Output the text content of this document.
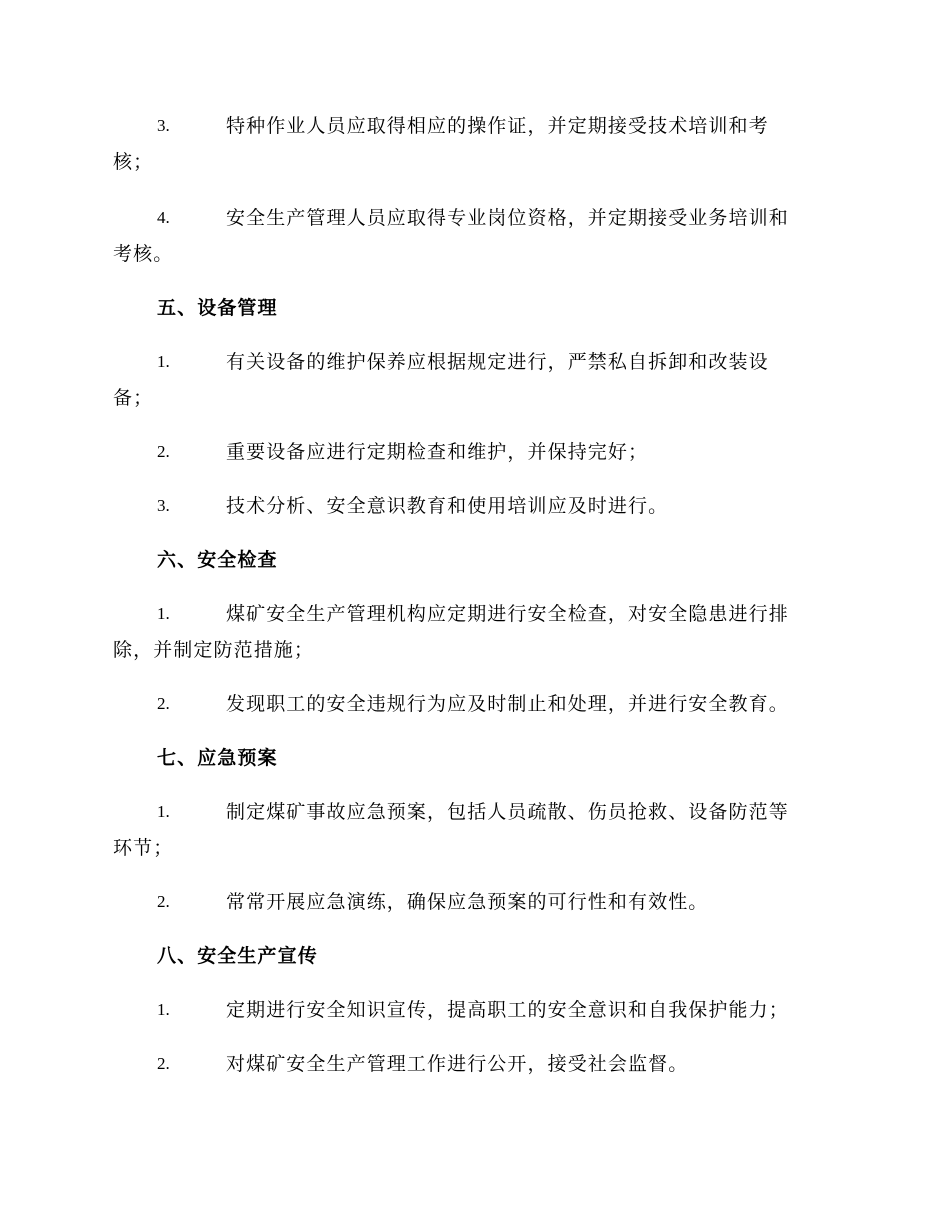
3.	特种作业人员应取得相应的操作证，并定期接受技术培训和考
核；
4.	安全生产管理人员应取得专业岗位资格，并定期接受业务培训和
考核。
五、设备管理
1.	有关设备的维护保养应根据规定进行，严禁私自拆卸和改装设
备；
2.	重要设备应进行定期检查和维护，并保持完好；
3.	技术分析、安全意识教育和使用培训应及时进行。
六、安全检查
1.	煤矿安全生产管理机构应定期进行安全检查，对安全隐患进行排
除，并制定防范措施；
2.	发现职工的安全违规行为应及时制止和处理，并进行安全教育。
七、应急预案
1.	制定煤矿事故应急预案，包括人员疏散、伤员抢救、设备防范等
环节；
2.	常常开展应急演练，确保应急预案的可行性和有效性。
八、安全生产宣传
1.	定期进行安全知识宣传，提高职工的安全意识和自我保护能力；
2.	对煤矿安全生产管理工作进行公开，接受社会监督。
